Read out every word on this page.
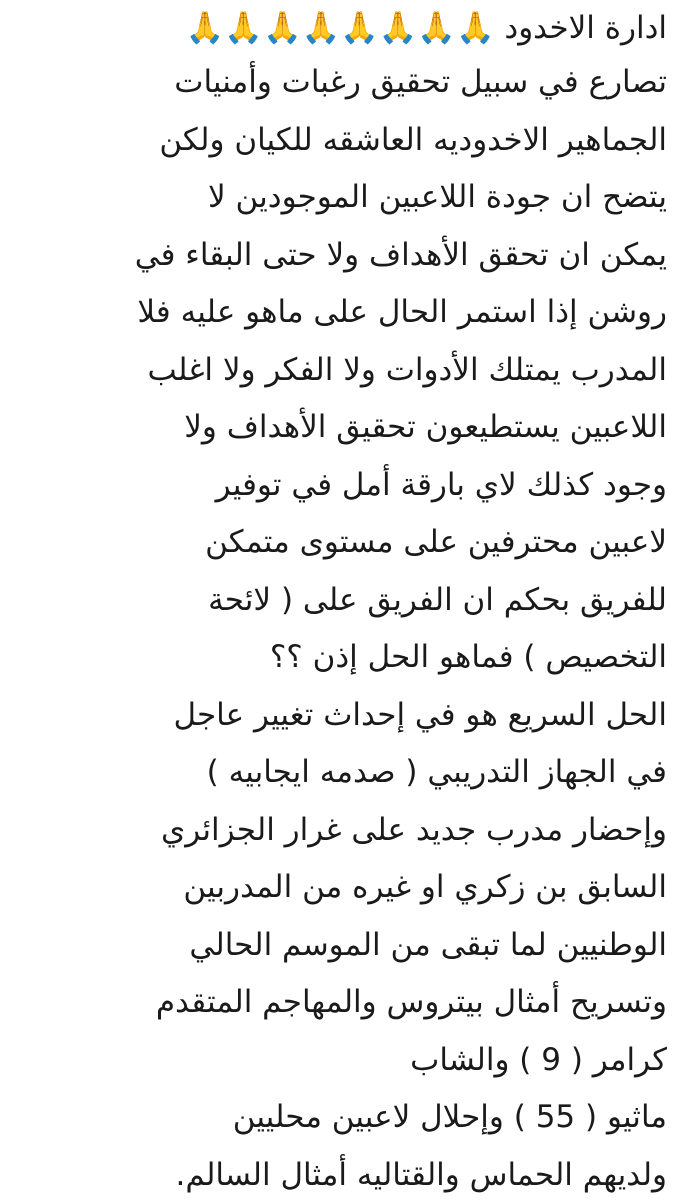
ادارة الاخدود 🙏🙏🙏🙏🙏🙏🙏🙏
تصارع في سبيل تحقيق رغبات وأمنيات
الجماهير الاخدوديه العاشقه للكيان ولكن
يتضح ان جودة اللاعبين الموجودين لا
يمكن ان تحقق الأهداف ولا حتى البقاء في
روشن إذا استمر الحال على ماهو عليه فلا
المدرب يمتلك الأدوات ولا الفكر ولا اغلب
اللاعبين يستطيعون تحقيق الأهداف ولا
وجود كذلك لاي بارقة أمل في توفير
لاعبين محترفين على مستوى متمكن
للفريق بحكم ان الفريق على ( لائحة
التخصيص ) فماهو الحل إذن ؟؟
الحل السريع هو في إحداث تغيير عاجل
في الجهاز التدريبي ( صدمه ايجابيه )
وإحضار مدرب جديد على غرار الجزائري
السابق بن زكري او غيره من المدربين
الوطنيين لما تبقى من الموسم الحالي
وتسريح أمثال بيتروس والمهاجم المتقدم
كرامر ( 9 ) والشاب
ماثيو ( 55 ) وإحلال لاعبين محليين
ولديهم الحماس والقتاليه أمثال السالم.
